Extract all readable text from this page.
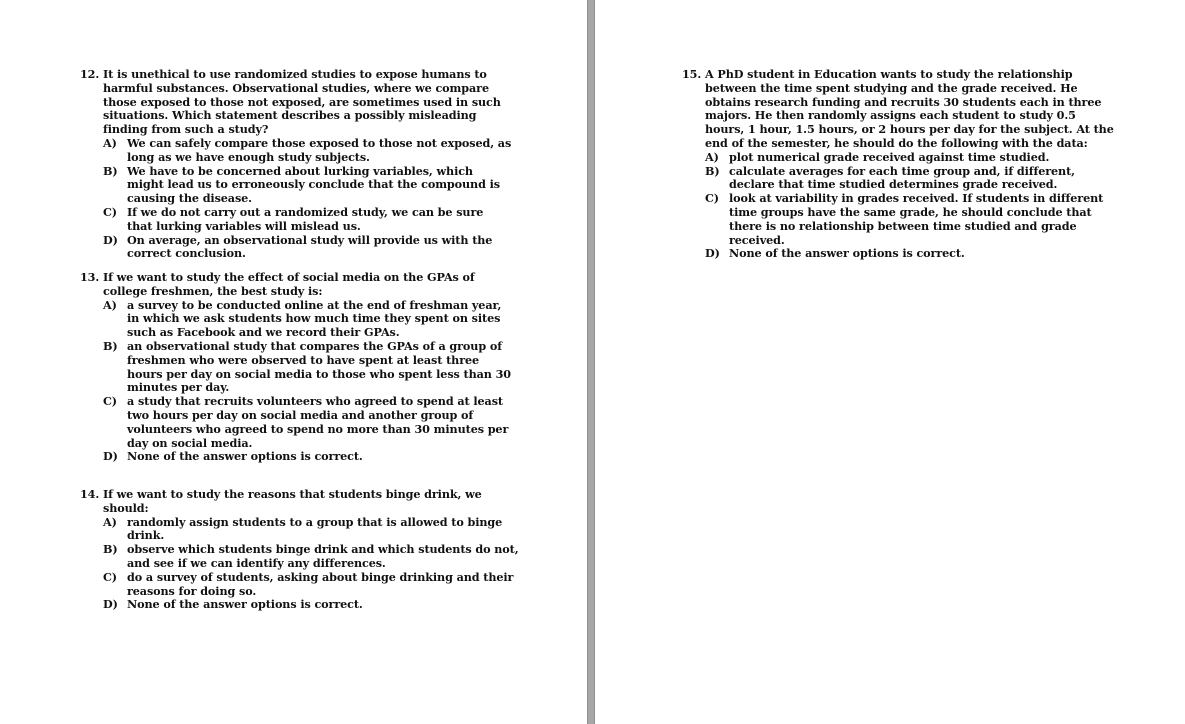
12. It is unethical to use randomized studies to expose humans to harmful substances. Observational studies, where we compare those exposed to those not exposed, are sometimes used in such situations. Which statement describes a possibly misleading finding from such a study?
A) We can safely compare those exposed to those not exposed, as long as we have enough study subjects.
B) We have to be concerned about lurking variables, which might lead us to erroneously conclude that the compound is causing the disease.
C) If we do not carry out a randomized study, we can be sure that lurking variables will mislead us.
D) On average, an observational study will provide us with the correct conclusion.
13. If we want to study the effect of social media on the GPAs of college freshmen, the best study is:
A) a survey to be conducted online at the end of freshman year, in which we ask students how much time they spent on sites such as Facebook and we record their GPAs.
B) an observational study that compares the GPAs of a group of freshmen who were observed to have spent at least three hours per day on social media to those who spent less than 30 minutes per day.
C) a study that recruits volunteers who agreed to spend at least two hours per day on social media and another group of volunteers who agreed to spend no more than 30 minutes per day on social media.
D) None of the answer options is correct.
14. If we want to study the reasons that students binge drink, we should:
A) randomly assign students to a group that is allowed to binge drink.
B) observe which students binge drink and which students do not, and see if we can identify any differences.
C) do a survey of students, asking about binge drinking and their reasons for doing so.
D) None of the answer options is correct.
15. A PhD student in Education wants to study the relationship between the time spent studying and the grade received. He obtains research funding and recruits 30 students each in three majors. He then randomly assigns each student to study 0.5 hours, 1 hour, 1.5 hours, or 2 hours per day for the subject. At the end of the semester, he should do the following with the data:
A) plot numerical grade received against time studied.
B) calculate averages for each time group and, if different, declare that time studied determines grade received.
C) look at variability in grades received. If students in different time groups have the same grade, he should conclude that there is no relationship between time studied and grade received.
D) None of the answer options is correct.
